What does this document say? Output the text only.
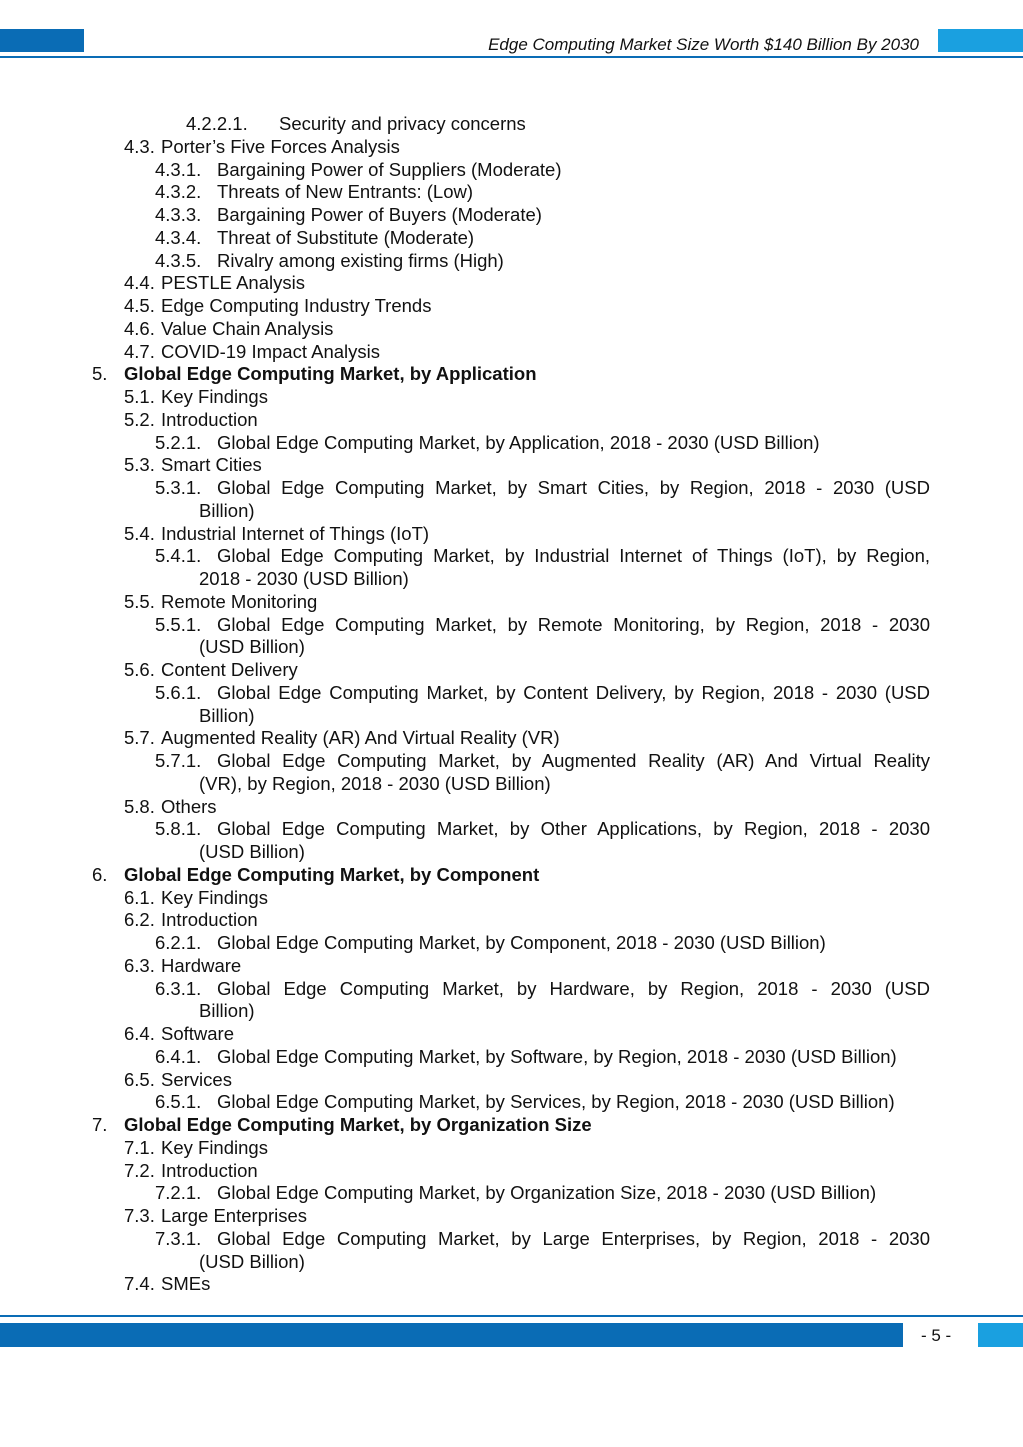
Edge Computing Market Size Worth $140 Billion By 2030
4.2.2.1. Security and privacy concerns
4.3. Porter’s Five Forces Analysis
4.3.1. Bargaining Power of Suppliers (Moderate)
4.3.2. Threats of New Entrants: (Low)
4.3.3. Bargaining Power of Buyers (Moderate)
4.3.4. Threat of Substitute (Moderate)
4.3.5. Rivalry among existing firms (High)
4.4. PESTLE Analysis
4.5. Edge Computing Industry Trends
4.6. Value Chain Analysis
4.7. COVID-19 Impact Analysis
5. Global Edge Computing Market, by Application
5.1. Key Findings
5.2. Introduction
5.2.1. Global Edge Computing Market, by Application, 2018 - 2030 (USD Billion)
5.3. Smart Cities
5.3.1. Global Edge Computing Market, by Smart Cities, by Region, 2018 - 2030 (USD
Billion)
5.4. Industrial Internet of Things (IoT)
5.4.1. Global Edge Computing Market, by Industrial Internet of Things (IoT), by Region,
2018 - 2030 (USD Billion)
5.5. Remote Monitoring
5.5.1. Global Edge Computing Market, by Remote Monitoring, by Region, 2018 - 2030
(USD Billion)
5.6. Content Delivery
5.6.1. Global Edge Computing Market, by Content Delivery, by Region, 2018 - 2030 (USD
Billion)
5.7. Augmented Reality (AR) And Virtual Reality (VR)
5.7.1. Global Edge Computing Market, by Augmented Reality (AR) And Virtual Reality
(VR), by Region, 2018 - 2030 (USD Billion)
5.8. Others
5.8.1. Global Edge Computing Market, by Other Applications, by Region, 2018 - 2030
(USD Billion)
6. Global Edge Computing Market, by Component
6.1. Key Findings
6.2. Introduction
6.2.1. Global Edge Computing Market, by Component, 2018 - 2030 (USD Billion)
6.3. Hardware
6.3.1. Global Edge Computing Market, by Hardware, by Region, 2018 - 2030 (USD
Billion)
6.4. Software
6.4.1. Global Edge Computing Market, by Software, by Region, 2018 - 2030 (USD Billion)
6.5. Services
6.5.1. Global Edge Computing Market, by Services, by Region, 2018 - 2030 (USD Billion)
7. Global Edge Computing Market, by Organization Size
7.1. Key Findings
7.2. Introduction
7.2.1. Global Edge Computing Market, by Organization Size, 2018 - 2030 (USD Billion)
7.3. Large Enterprises
7.3.1. Global Edge Computing Market, by Large Enterprises, by Region, 2018 - 2030
(USD Billion)
7.4. SMEs
- 5 -
